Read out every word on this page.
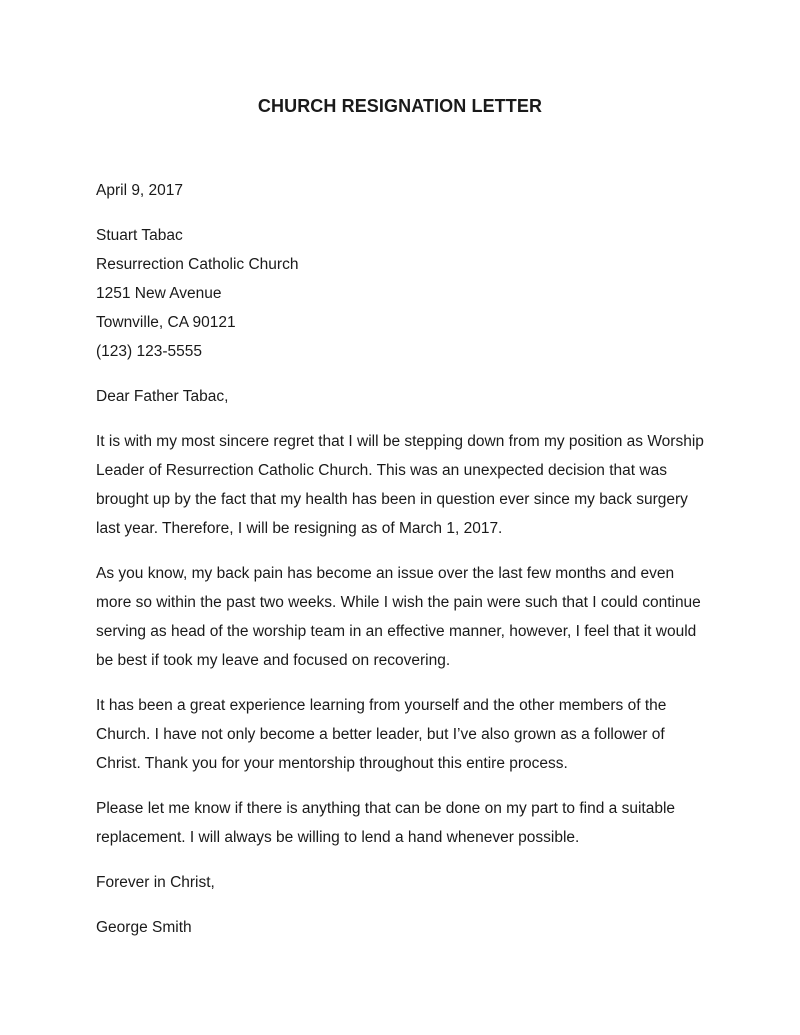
CHURCH RESIGNATION LETTER
April 9, 2017
Stuart Tabac
Resurrection Catholic Church
1251 New Avenue
Townville, CA 90121
(123) 123-5555
Dear Father Tabac,

It is with my most sincere regret that I will be stepping down from my position as Worship Leader of Resurrection Catholic Church. This was an unexpected decision that was brought up by the fact that my health has been in question ever since my back surgery last year. Therefore, I will be resigning as of March 1, 2017.

As you know, my back pain has become an issue over the last few months and even more so within the past two weeks. While I wish the pain were such that I could continue serving as head of the worship team in an effective manner, however, I feel that it would be best if took my leave and focused on recovering.

It has been a great experience learning from yourself and the other members of the Church. I have not only become a better leader, but I’ve also grown as a follower of Christ. Thank you for your mentorship throughout this entire process.

Please let me know if there is anything that can be done on my part to find a suitable replacement. I will always be willing to lend a hand whenever possible.

Forever in Christ,
George Smith
